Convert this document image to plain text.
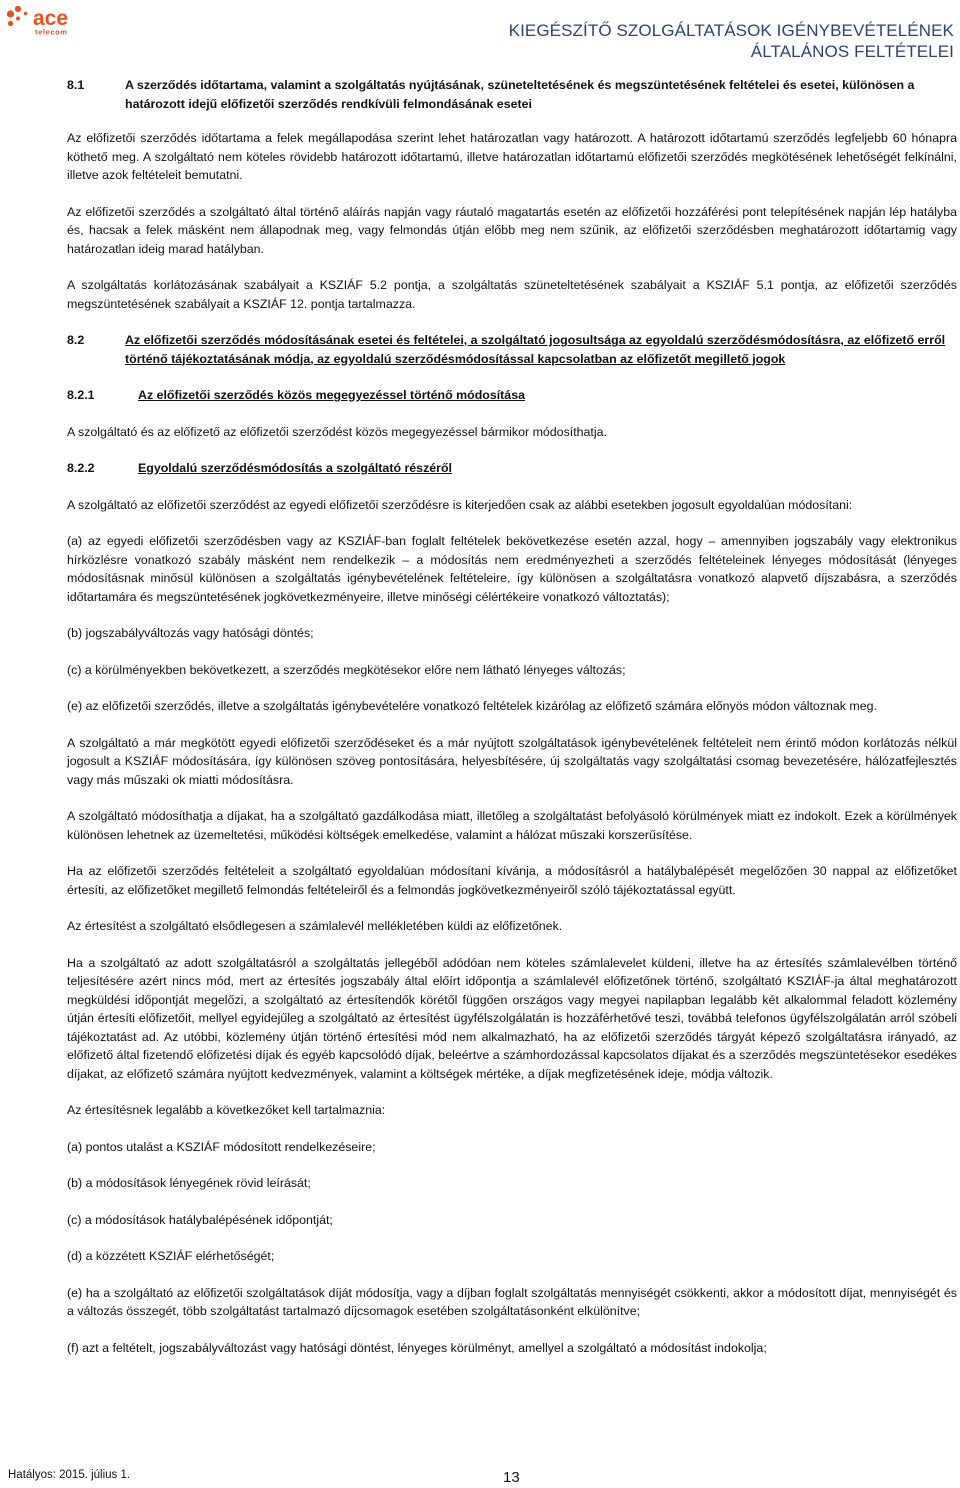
ace
telecom	KIEGÉSZÍTŐ SZOLGÁLTATÁSOK IGÉNYBEVÉTELÉNEK
ÁLTALÁNOS FELTÉTELEI
8.1	A szerződés időtartama, valamint a szolgáltatás nyújtásának, szüneteltetésének és megszüntetésének feltételei és esetei, különösen a határozott idejű előfizetői szerződés rendkívüli felmondásának esetei

Az előfizetői szerződés időtartama a felek megállapodása szerint lehet határozatlan vagy határozott. A határozott időtartamú szerződés legfeljebb 60 hónapra köthető meg. A szolgáltató nem köteles rövidebb határozott időtartamú, illetve határozatlan időtartamú előfizetői szerződés megkötésének lehetőségét felkínálni, illetve azok feltételeit bemutatni.

Az előfizetői szerződés a szolgáltató által történő aláírás napján vagy ráutaló magatartás esetén az előfizetői hozzáférési pont telepítésének napján lép hatályba és, hacsak a felek másként nem állapodnak meg, vagy felmondás útján előbb meg nem szűnik, az előfizetői szerződésben meghatározott időtartamig vagy határozatlan ideig marad hatályban.

A szolgáltatás korlátozásának szabályait a KSZIÁF 5.2 pontja, a szolgáltatás szüneteltetésének szabályait a KSZIÁF 5.1 pontja, az előfizetői szerződés megszüntetésének szabályait a KSZIÁF 12. pontja tartalmazza.

8.2	Az előfizetői szerződés módosításának esetei és feltételei, a szolgáltató jogosultsága az egyoldalú szerződésmódosításra, az előfizető erről történő tájékoztatásának módja, az egyoldalú szerződésmódosítással kapcsolatban az előfizetőt megillető jogok
8.2.1	Az előfizetői szerződés közös megegyezéssel történő módosítása

A szolgáltató és az előfizető az előfizetői szerződést közös megegyezéssel bármikor módosíthatja.

8.2.2	Egyoldalú szerződésmódosítás a szolgáltató részéről

A szolgáltató az előfizetői szerződést az egyedi előfizetői szerződésre is kiterjedően csak az alábbi esetekben jogosult egyoldalúan módosítani:

(a) az egyedi előfizetői szerződésben vagy az KSZIÁF-ban foglalt feltételek bekövetkezése esetén azzal, hogy – amennyiben jogszabály vagy elektronikus hírközlésre vonatkozó szabály másként nem rendelkezik – a módosítás nem eredményezheti a szerződés feltételeinek lényeges módosítását (lényeges módosításnak minősül különösen a szolgáltatás igénybevételének feltételeire, így különösen a szolgáltatásra vonatkozó alapvető díjszabásra, a szerződés időtartamára és megszüntetésének jogkövetkezményeire, illetve minőségi célértékeire vonatkozó változtatás);

(b) jogszabályváltozás vagy hatósági döntés;

(c) a körülményekben bekövetkezett, a szerződés megkötésekor előre nem látható lényeges változás;

(e) az előfizetői szerződés, illetve a szolgáltatás igénybevételére vonatkozó feltételek kizárólag az előfizető számára előnyös módon változnak meg.

A szolgáltató a már megkötött egyedi előfizetői szerződéseket és a már nyújtott szolgáltatások igénybevételének feltételeit nem érintő módon korlátozás nélkül jogosult a KSZIÁF módosítására, így különösen szöveg pontosítására, helyesbítésére, új szolgáltatás vagy szolgáltatási csomag bevezetésére, hálózatfejlesztés vagy más műszaki ok miatti módosításra.

A szolgáltató módosíthatja a díjakat, ha a szolgáltató gazdálkodása miatt, illetőleg a szolgáltatást befolyásoló körülmények miatt ez indokolt. Ezek a körülmények különösen lehetnek az üzemeltetési, működési költségek emelkedése, valamint a hálózat műszaki korszerűsítése.

Ha az előfizetői szerződés feltételeit a szolgáltató egyoldalúan módosítani kívánja, a módosításról a hatálybalépését megelőzően 30 nappal az előfizetőket értesíti, az előfizetőket megillető felmondás feltételeiről és a felmondás jogkövetkezményeiről szóló tájékoztatással együtt.

Az értesítést a szolgáltató elsődlegesen a számlalevél mellékletében küldi az előfizetőnek.

Ha a szolgáltató az adott szolgáltatásról a szolgáltatás jellegéből adódóan nem köteles számlalevelet küldeni, illetve ha az értesítés számlalevélben történő teljesítésére azért nincs mód, mert az értesítés jogszabály által előírt időpontja a számlalevél előfizetőnek történő, szolgáltató KSZIÁF-ja által meghatározott megküldési időpontját megelőzi, a szolgáltató az értesítendők körétől függően országos vagy megyei napilapban legalább két alkalommal feladott közlemény útján értesíti előfizetőit, mellyel egyidejűleg a szolgáltató az értesítést ügyfélszolgálatán is hozzáférhetővé teszi, továbbá telefonos ügyfélszolgálatán arról szóbeli tájékoztatást ad. Az utóbbi, közlemény útján történő értesítési mód nem alkalmazható, ha az előfizetői szerződés tárgyát képező szolgáltatásra irányadó, az előfizető által fizetendő előfizetési díjak és egyéb kapcsolódó díjak, beleértve a számhordozással kapcsolatos díjakat és a szerződés megszüntetésekor esedékes díjakat, az előfizető számára nyújtott kedvezmények, valamint a költségek mértéke, a díjak megfizetésének ideje, módja változik.

Az értesítésnek legalább a következőket kell tartalmaznia:

(a) pontos utalást a KSZIÁF módosított rendelkezéseire;

(b) a módosítások lényegének rövid leírását;

(c) a módosítások hatálybalépésének időpontját;

(d) a közzétett KSZIÁF elérhetőségét;

(e) ha a szolgáltató az előfizetői szolgáltatások díját módosítja, vagy a díjban foglalt szolgáltatás mennyiségét csökkenti, akkor a módosított díjat, mennyiségét és a változás összegét, több szolgáltatást tartalmazó díjcsomagok esetében szolgáltatásonként elkülönítve;

(f) azt a feltételt, jogszabályváltozást vagy hatósági döntést, lényeges körülményt, amellyel a szolgáltató a módosítást indokolja;

Hatályos: 2015. július 1.	13
